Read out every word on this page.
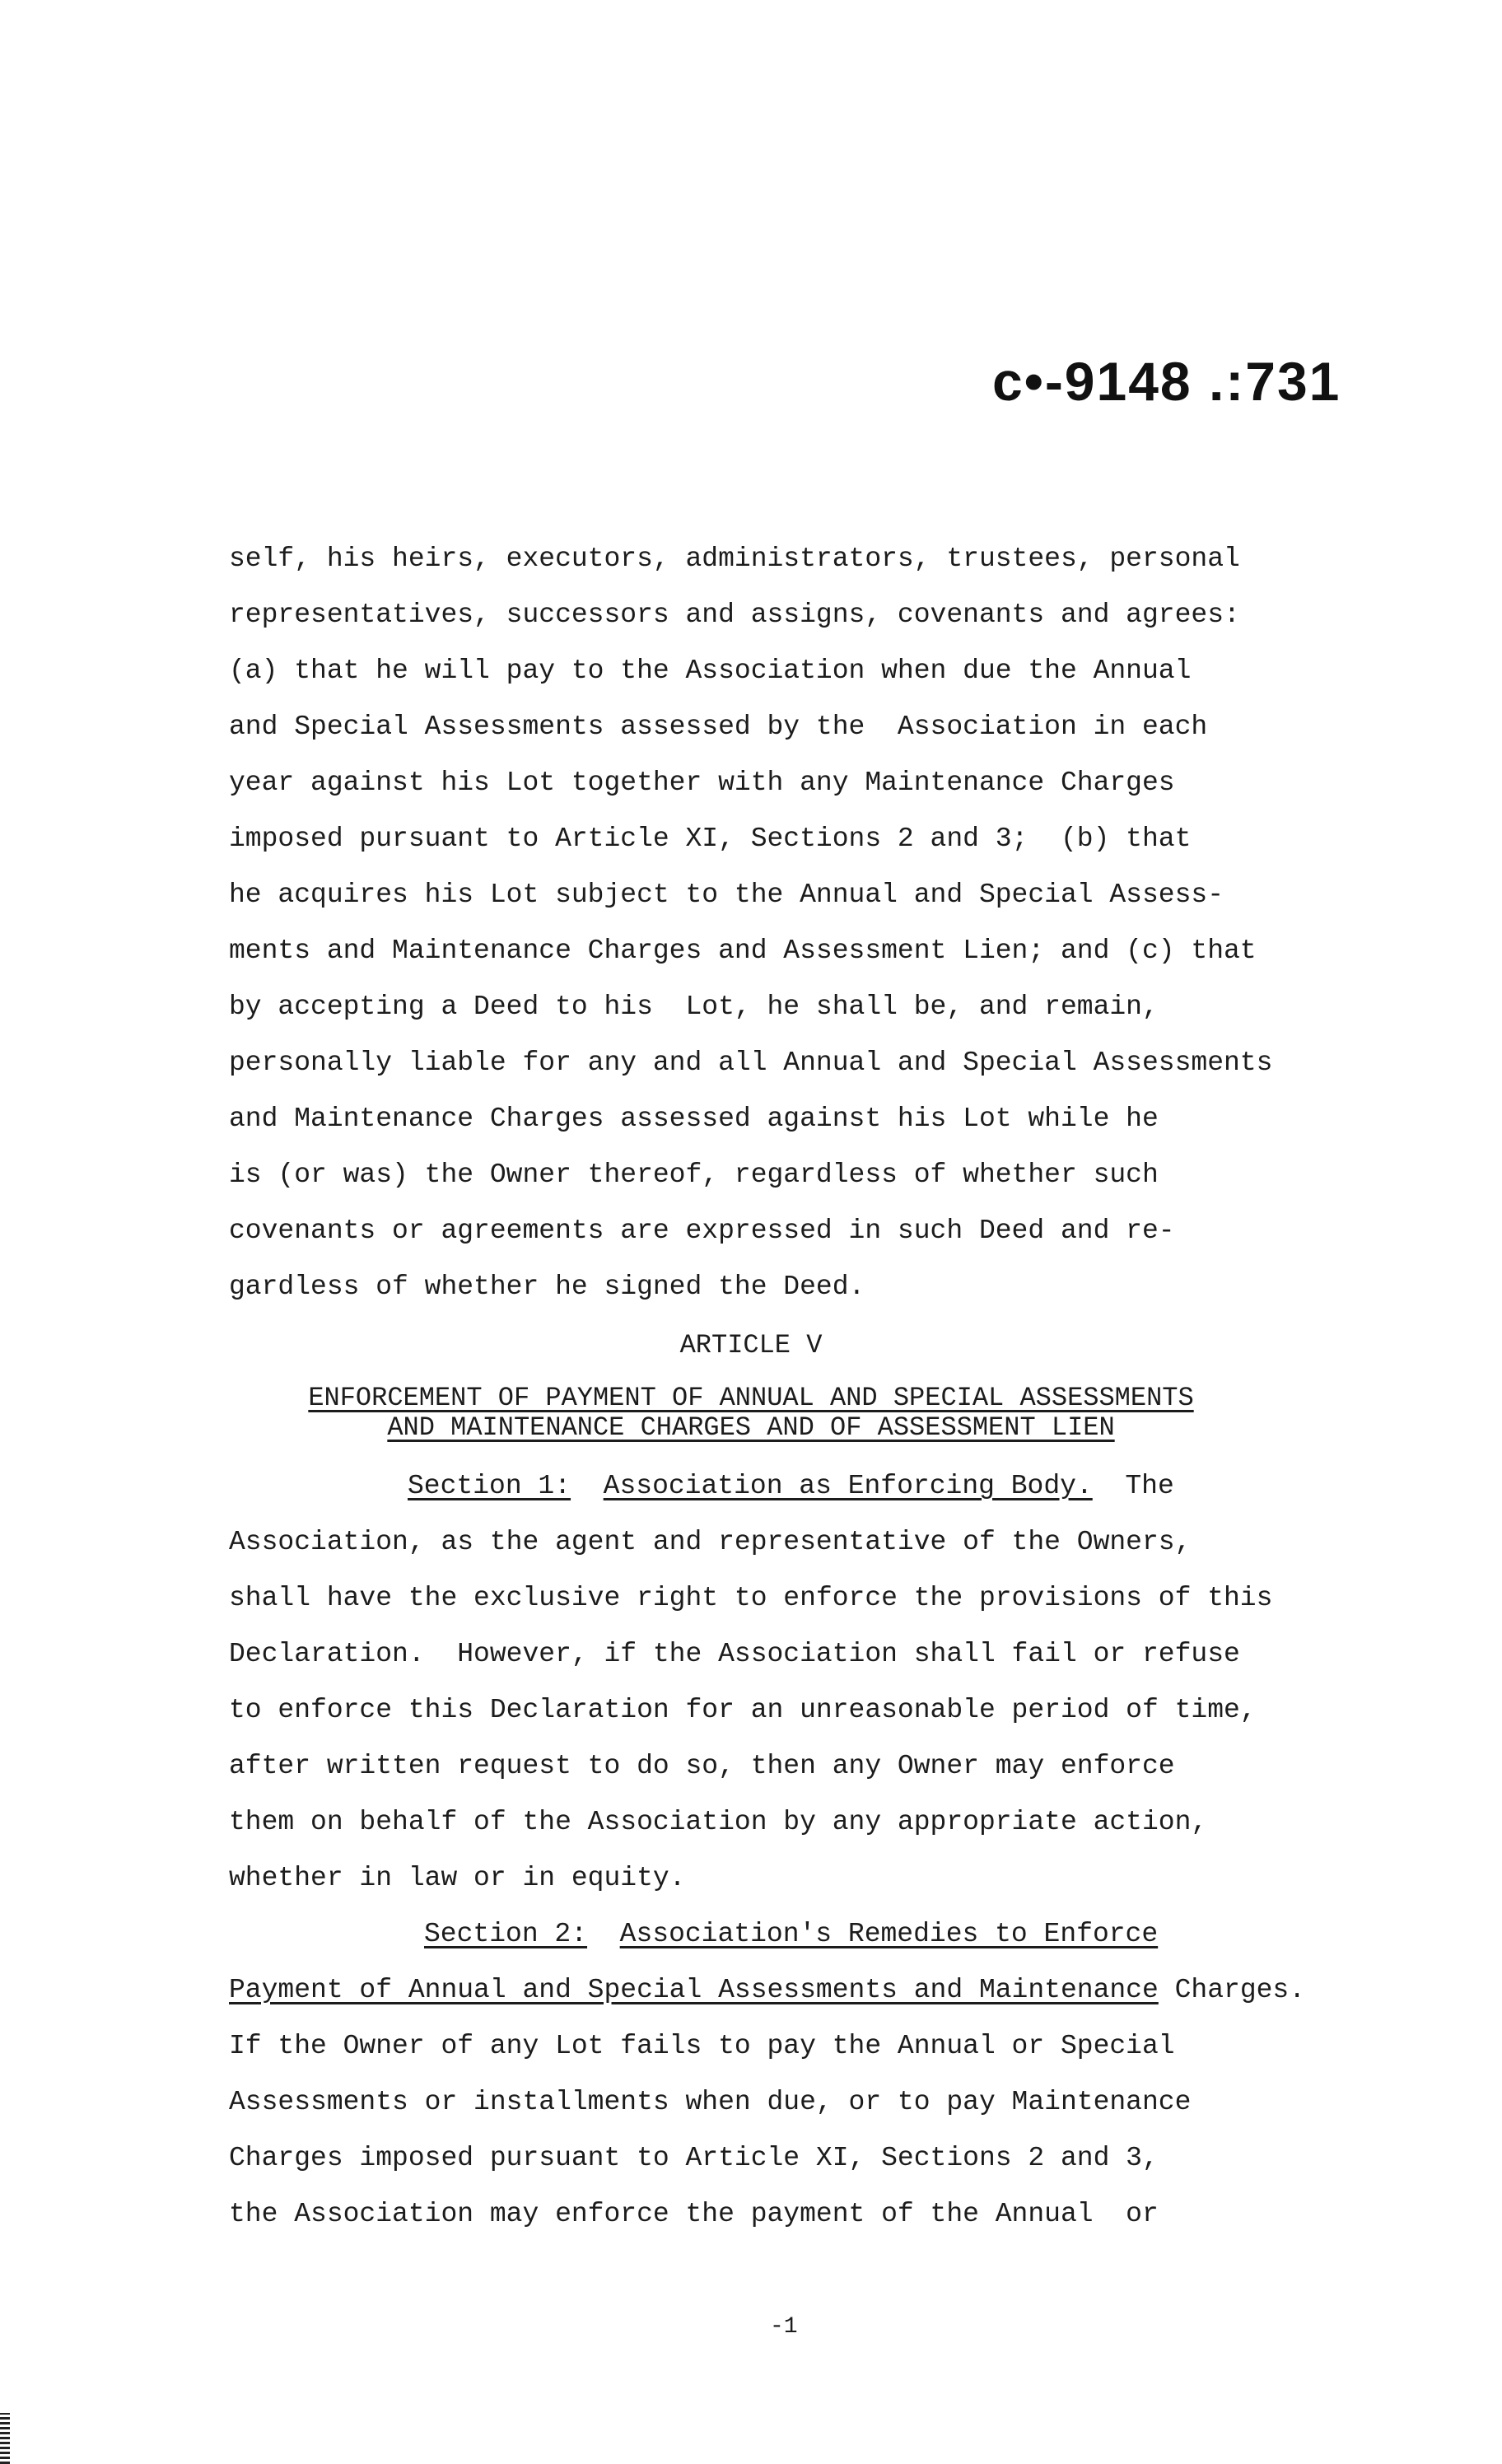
c•-9148 .:731
self, his heirs, executors, administrators, trustees, personal
representatives, successors and assigns, covenants and agrees:
(a) that he will pay to the Association when due the Annual
and Special Assessments assessed by the  Association in each
year against his Lot together with any Maintenance Charges
imposed pursuant to Article XI, Sections 2 and 3;  (b) that
he acquires his Lot subject to the Annual and Special Assess-
ments and Maintenance Charges and Assessment Lien; and (c) that
by accepting a Deed to his  Lot, he shall be, and remain,
personally liable for any and all Annual and Special Assessments
and Maintenance Charges assessed against his Lot while he
is (or was) the Owner thereof, regardless of whether such
covenants or agreements are expressed in such Deed and re-
gardless of whether he signed the Deed.
ARTICLE V
ENFORCEMENT OF PAYMENT OF ANNUAL AND SPECIAL ASSESSMENTS
AND MAINTENANCE CHARGES AND OF ASSESSMENT LIEN
Section 1: Association as Enforcing Body.  The
Association, as the agent and representative of the Owners,
shall have the exclusive right to enforce the provisions of this
Declaration.  However, if the Association shall fail or refuse
to enforce this Declaration for an unreasonable period of time,
after written request to do so, then any Owner may enforce
them on behalf of the Association by any appropriate action,
whether in law or in equity.
Section 2: Association's Remedies to Enforce
Payment of Annual and Special Assessments and Maintenance Charges.
If the Owner of any Lot fails to pay the Annual or Special
Assessments or installments when due, or to pay Maintenance
Charges imposed pursuant to Article XI, Sections 2 and 3,
the Association may enforce the payment of the Annual  or
-1
